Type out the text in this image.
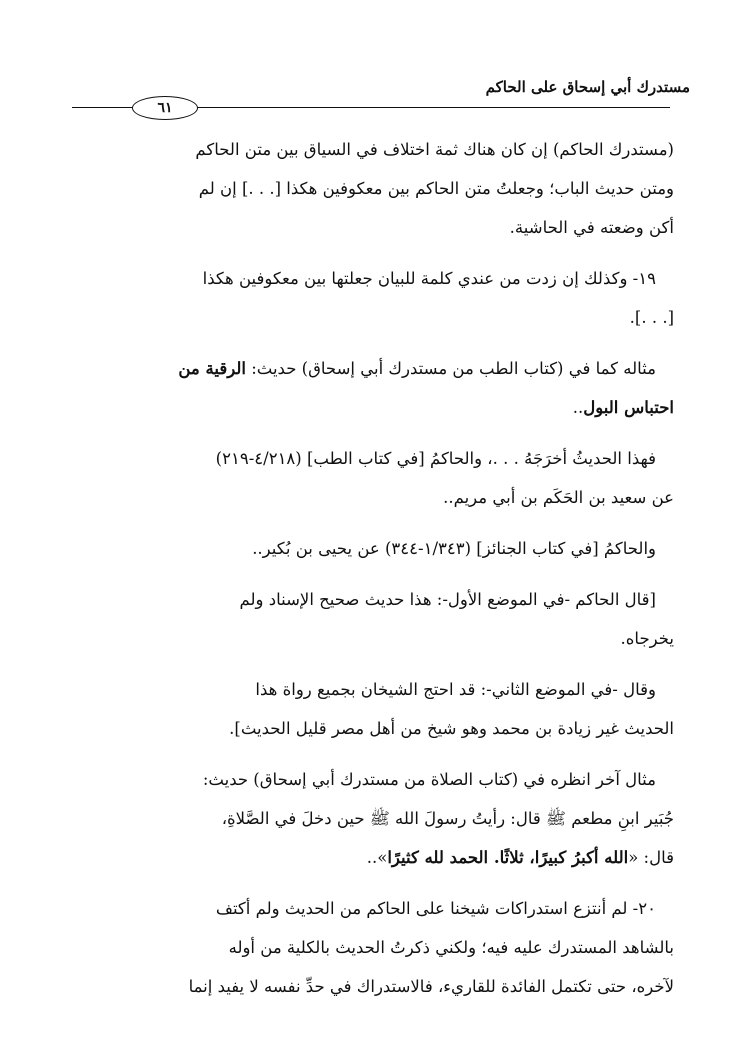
مستدرك أبي إسحاق على الحاكم
٦١
(مستدرك الحاكم) إن كان هناك ثمة اختلاف في السياق بين متن الحاكم
ومتن حديث الباب؛ وجعلتُ متن الحاكم بين معكوفين هكذا [. . .] إن لم
أكن وضعته في الحاشية.
١٩- وكذلك إن زدت من عندي كلمة للبيان جعلتها بين معكوفين هكذا
[. . .].
مثاله كما في (كتاب الطب من مستدرك أبي إسحاق) حديث: الرقية من
احتباس البول..
فهذا الحديثُ أخرَجَهُ . . .، والحاكمُ [في كتاب الطب] (٤/٢١٨-٢١٩)
عن سعيد بن الحَكَم بن أبي مريم..
والحاكمُ [في كتاب الجنائز] (١/٣٤٣-٣٤٤) عن يحيى بن بُكير..
[قال الحاكم -في الموضع الأول-: هذا حديث صحيح الإسناد ولم
يخرجاه.
وقال -في الموضع الثاني-: قد احتج الشيخان بجميع رواة هذا
الحديث غير زيادة بن محمد وهو شيخ من أهل مصر قليل الحديث].
مثال آخر انظره في (كتاب الصلاة من مستدرك أبي إسحاق) حديث:
جُبَير ابنِ مطعم ﷺ قال: رأيتُ رسولَ الله ﷺ حين دخلَ في الصَّلاةِ،
قال: «الله أكبرُ كبيرًا، ثلاثًا. الحمد لله كثيرًا»..
٢٠- لم أنتزع استدراكات شيخنا على الحاكم من الحديث ولم أكتف
بالشاهد المستدرك عليه فيه؛ ولكني ذكرتُ الحديث بالكلية من أوله
لآخره، حتى تكتمل الفائدة للقاريء، فالاستدراك في حدِّ نفسه لا يفيد إنما
